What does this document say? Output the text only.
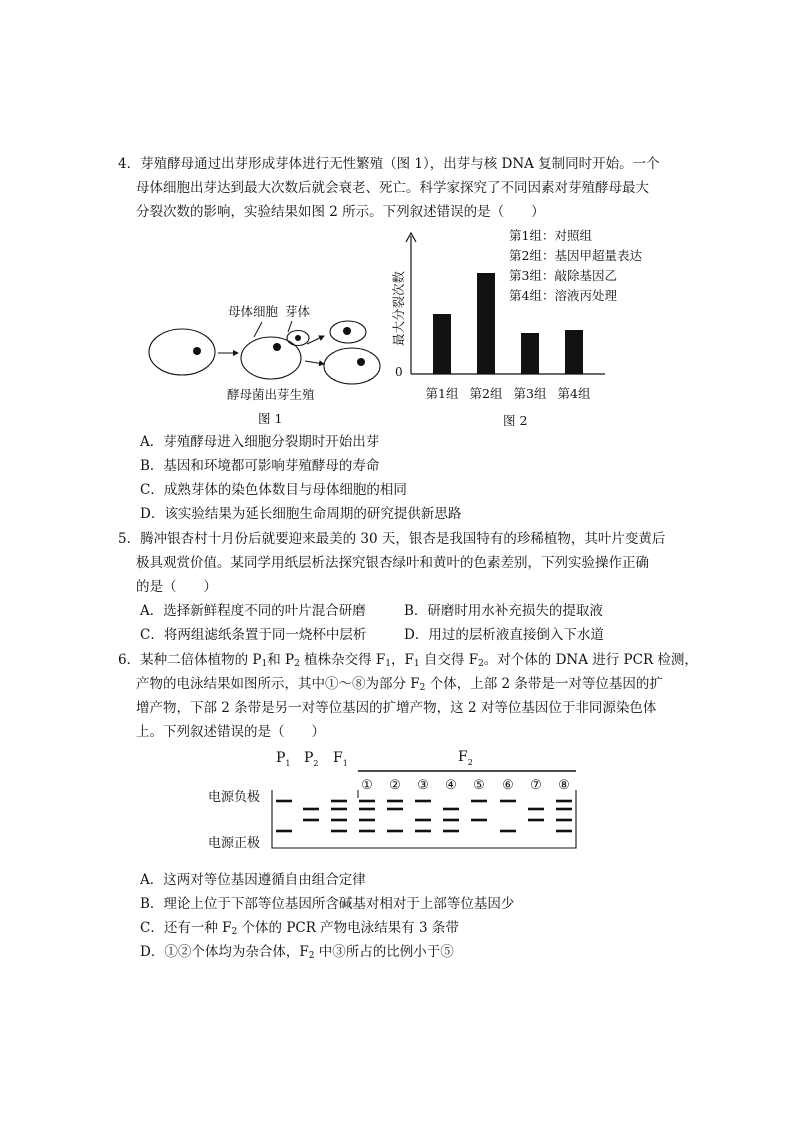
4．芽殖酵母通过出芽形成芽体进行无性繁殖（图 1），出芽与核 DNA 复制同时开始。一个
母体细胞出芽达到最大次数后就会衰老、死亡。科学家探究了不同因素对芽殖酵母最大
分裂次数的影响，实验结果如图 2 所示。下列叙述错误的是（　　）
母体细胞 芽体
酵母菌出芽生殖
图 1
最大分裂次数
0
第1组 第2组 第3组 第4组
第1组：对照组
第2组：基因甲超量表达
第3组：敲除基因乙
第4组：溶液丙处理
图 2
A．芽殖酵母进入细胞分裂期时开始出芽
B．基因和环境都可影响芽殖酵母的寿命
C．成熟芽体的染色体数目与母体细胞的相同
D．该实验结果为延长细胞生命周期的研究提供新思路
5．腾冲银杏村十月份后就要迎来最美的 30 天，银杏是我国特有的珍稀植物，其叶片变黄后
极具观赏价值。某同学用纸层析法探究银杏绿叶和黄叶的色素差别，下列实验操作正确
的是（　　）
A．选择新鲜程度不同的叶片混合研磨	B．研磨时用水补充损失的提取液
C．将两组滤纸条置于同一烧杯中层析	D．用过的层析液直接倒入下水道
6．某种二倍体植物的 $P_1$和 $P_2$ 植株杂交得 $F_1$，$F_1$ 自交得 $F_2$。对个体的 DNA 进行 PCR 检测，
产物的电泳结果如图所示，其中①～⑧为部分 $F_2$ 个体，上部 2 条带是一对等位基因的扩
增产物，下部 2 条带是另一对等位基因的扩增产物，这 2 对等位基因位于非同源染色体
上。下列叙述错误的是（　　）
$P_1$ $P_2$ $F_1$	$F_2$
① ② ③ ④ ⑤ ⑥ ⑦ ⑧
电源负极
电源正极
A．这两对等位基因遵循自由组合定律
B．理论上位于下部等位基因所含碱基对相对于上部等位基因少
C．还有一种 $F_2$ 个体的 PCR 产物电泳结果有 3 条带
D．①②个体均为杂合体，$F_2$ 中③所占的比例小于⑤
